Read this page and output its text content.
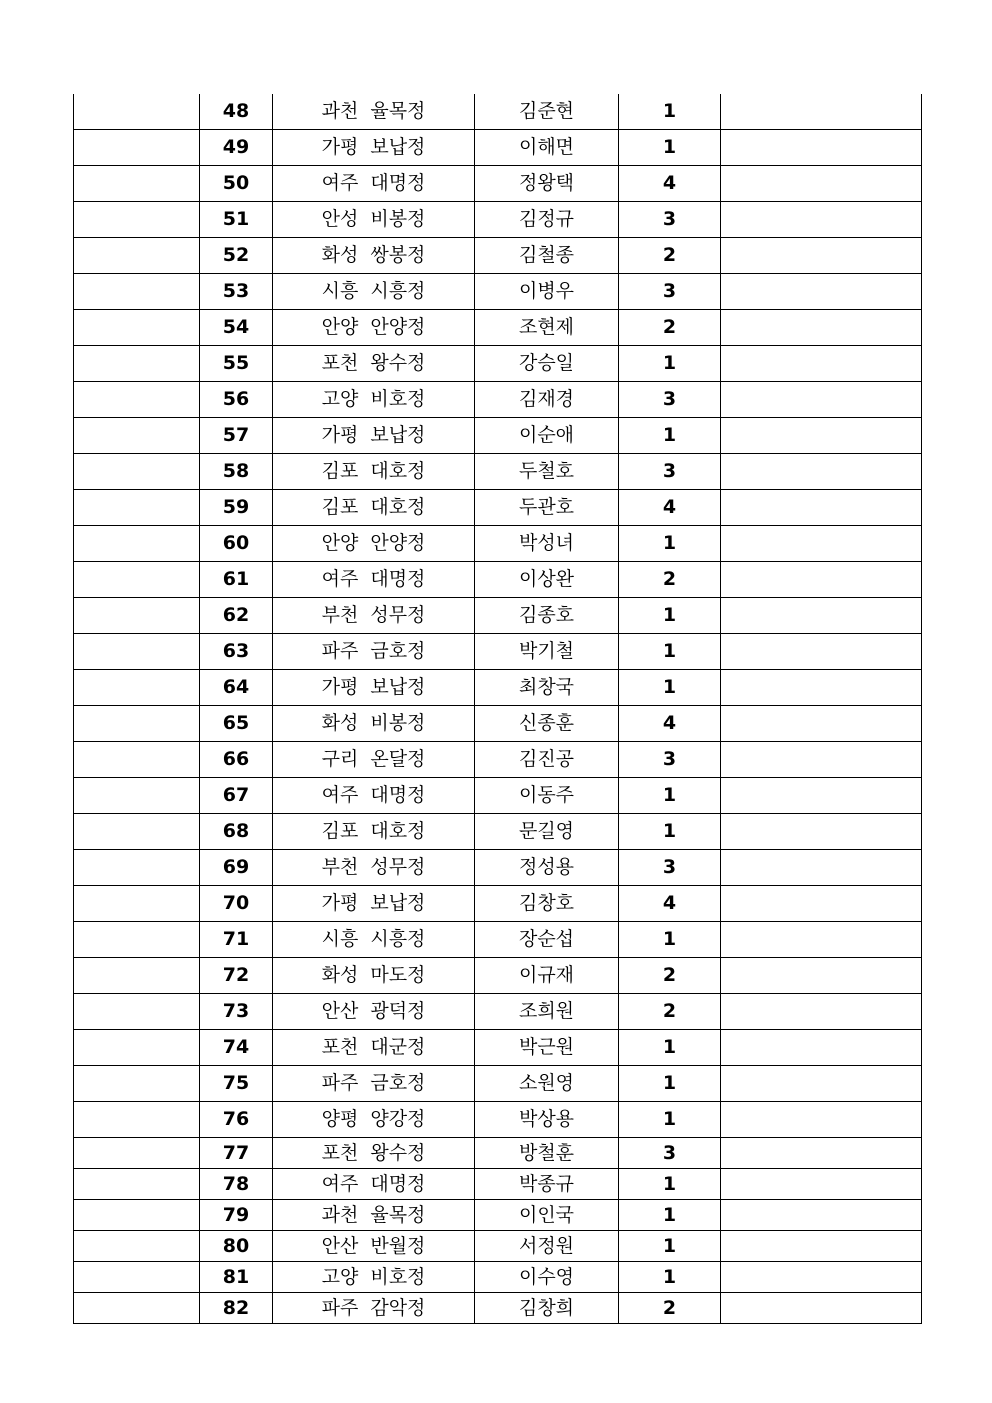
	48	과천 율목정	김준현	1	
	49	가평 보납정	이해면	1	
	50	여주 대명정	정왕택	4	
	51	안성 비봉정	김정규	3	
	52	화성 쌍봉정	김철종	2	
	53	시흥 시흥정	이병우	3	
	54	안양 안양정	조현제	2	
	55	포천 왕수정	강승일	1	
	56	고양 비호정	김재경	3	
	57	가평 보납정	이순애	1	
	58	김포 대호정	두철호	3	
	59	김포 대호정	두관호	4	
	60	안양 안양정	박성녀	1	
	61	여주 대명정	이상완	2	
	62	부천 성무정	김종호	1	
	63	파주 금호정	박기철	1	
	64	가평 보납정	최창국	1	
	65	화성 비봉정	신종훈	4	
	66	구리 온달정	김진공	3	
	67	여주 대명정	이동주	1	
	68	김포 대호정	문길영	1	
	69	부천 성무정	정성용	3	
	70	가평 보납정	김창호	4	
	71	시흥 시흥정	장순섭	1	
	72	화성 마도정	이규재	2	
	73	안산 광덕정	조희원	2	
	74	포천 대군정	박근원	1	
	75	파주 금호정	소원영	1	
	76	양평 양강정	박상용	1	
	77	포천 왕수정	방철훈	3	
	78	여주 대명정	박종규	1	
	79	과천 율목정	이인국	1	
	80	안산 반월정	서정원	1	
	81	고양 비호정	이수영	1	
	82	파주 감악정	김창희	2	
